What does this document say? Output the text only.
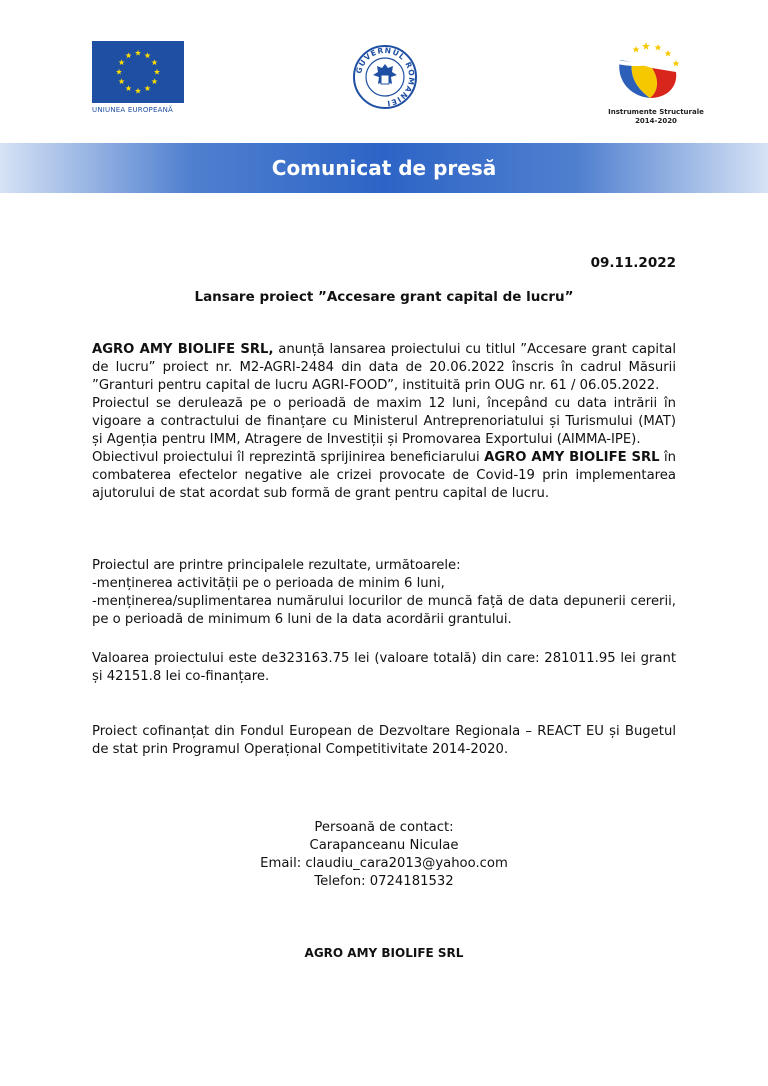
UNIUNEA EUROPEANĂ
GUVERNUL ROMÂNIEI
Instrumente Structurale
2014-2020
Comunicat de presă
09.11.2022
Lansare proiect ”Accesare grant capital de lucru”

AGRO AMY BIOLIFE SRL, anunță lansarea proiectului cu titlul ”Accesare grant capital de lucru” proiect nr. M2-AGRI-2484 din data de 20.06.2022 înscris în cadrul Măsurii ”Granturi pentru capital de lucru AGRI-FOOD”, instituită prin OUG nr. 61 / 06.05.2022.

Proiectul se derulează pe o perioadă de maxim 12 luni, începând cu data intrării în vigoare a contractului de finanțare cu Ministerul Antreprenoriatului și Turismului (MAT) și Agenția pentru IMM, Atragere de Investiții și Promovarea Exportului (AIMMA-IPE).

Obiectivul proiectului îl reprezintă sprijinirea beneficiarului AGRO AMY BIOLIFE SRL în combaterea efectelor negative ale crizei provocate de Covid-19 prin implementarea ajutorului de stat acordat sub formă de grant pentru capital de lucru.

Proiectul are printre principalele rezultate, următoarele:

-menținerea activității pe o perioada de minim 6 luni,

-menținerea/suplimentarea numărului locurilor de muncă față de data depunerii cererii, pe o perioadă de minimum 6 luni de la data acordării grantului.

Valoarea proiectului este de323163.75 lei (valoare totală) din care: 281011.95 lei grant și 42151.8 lei co-finanțare.

Proiect cofinanțat din Fondul European de Dezvoltare Regionala – REACT EU și Bugetul de stat prin Programul Operațional Competitivitate 2014-2020.

Persoană de contact:
Carapanceanu Niculae
Email: claudiu_cara2013@yahoo.com
Telefon: 0724181532
AGRO AMY BIOLIFE SRL
